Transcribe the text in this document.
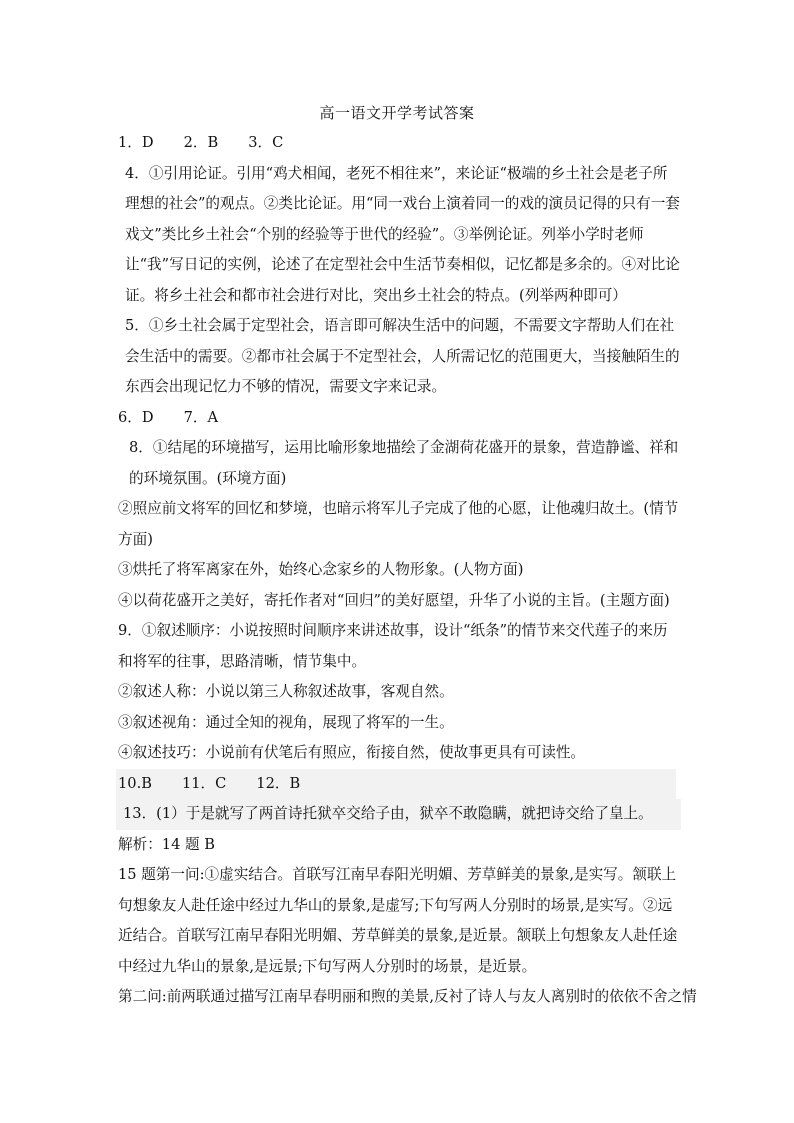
高一语文开学考试答案

1．D 2．B 3．C

4．①引用论证。引用“鸡犬相闻，老死不相往来”，来论证“极端的乡土社会是老子所理想的社会”的观点。②类比论证。用“同一戏台上演着同一的戏的演员记得的只有一套戏文”类比乡土社会“个别的经验等于世代的经验”。③举例论证。列举小学时老师让“我”写日记的实例，论述了在定型社会中生活节奏相似，记忆都是多余的。④对比论证。将乡土社会和都市社会进行对比，突出乡土社会的特点。(列举两种即可）

5．①乡土社会属于定型社会，语言即可解决生活中的问题，不需要文字帮助人们在社会生活中的需要。②都市社会属于不定型社会，人所需记忆的范围更大，当接触陌生的东西会出现记忆力不够的情况，需要文字来记录。

6．D 7．A

8．①结尾的环境描写，运用比喻形象地描绘了金湖荷花盛开的景象，营造静谧、祥和的环境氛围。(环境方面)

②照应前文将军的回忆和梦境，也暗示将军儿子完成了他的心愿，让他魂归故土。(情节方面)

③烘托了将军离家在外，始终心念家乡的人物形象。(人物方面)

④以荷花盛开之美好，寄托作者对“回归”的美好愿望，升华了小说的主旨。(主题方面)

9．①叙述顺序：小说按照时间顺序来讲述故事，设计“纸条”的情节来交代莲子的来历和将军的往事，思路清晰，情节集中。

②叙述人称：小说以第三人称叙述故事，客观自然。

③叙述视角：通过全知的视角，展现了将军的一生。

④叙述技巧：小说前有伏笔后有照应，衔接自然，使故事更具有可读性。

10.B 11．C 12．B

13．(1）于是就写了两首诗托狱卒交给子由，狱卒不敢隐瞒，就把诗交给了皇上。

解析：14 题 B

15 题第一问:①虚实结合。首联写江南早春阳光明媚、芳草鲜美的景象,是实写。颔联上句想象友人赴任途中经过九华山的景象,是虚写;下句写两人分别时的场景,是实写。②远近结合。首联写江南早春阳光明媚、芳草鲜美的景象,是近景。颔联上句想象友人赴任途中经过九华山的景象,是远景;下句写两人分别时的场景，是近景。

第二问:前两联通过描写江南早春明丽和煦的美景,反衬了诗人与友人离别时的依依不舍之情
